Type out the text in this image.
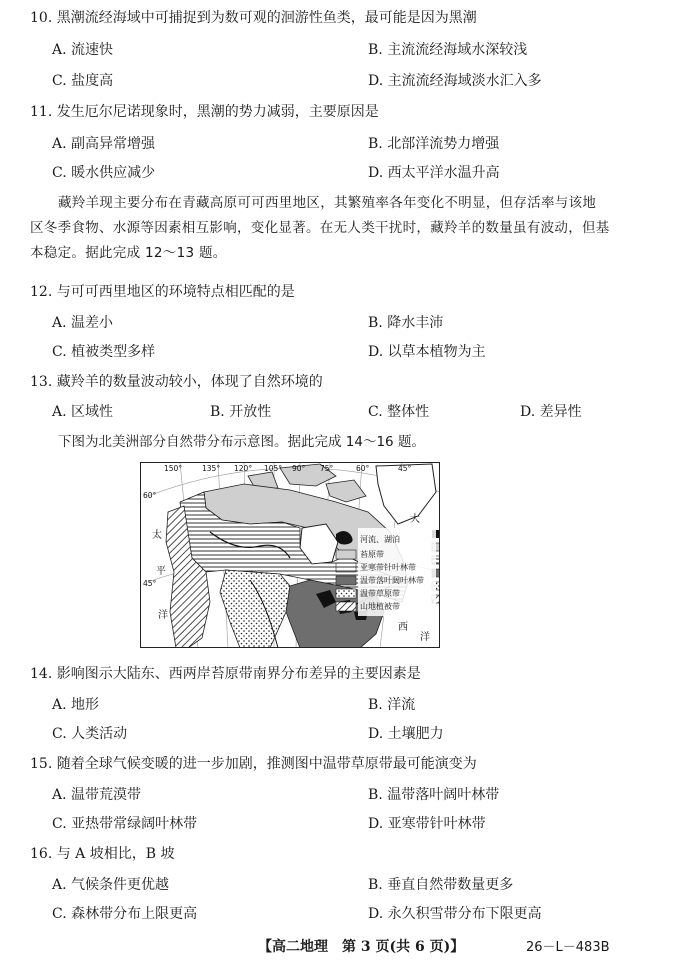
10. 黑潮流经海域中可捕捉到为数可观的洄游性鱼类，最可能是因为黑潮
A. 流速快	B. 主流流经海域水深较浅
C. 盐度高	D. 主流流经海域淡水汇入多
11. 发生厄尔尼诺现象时，黑潮的势力减弱，主要原因是
A. 副高异常增强	B. 北部洋流势力增强
C. 暖水供应减少	D. 西太平洋水温升高
藏羚羊现主要分布在青藏高原可可西里地区，其繁殖率各年变化不明显，但存活率与该地
区冬季食物、水源等因素相互影响，变化显著。在无人类干扰时，藏羚羊的数量虽有波动，但基
本稳定。据此完成 12～13 题。
12. 与可可西里地区的环境特点相匹配的是
A. 温差小	B. 降水丰沛
C. 植被类型多样	D. 以草本植物为主
13. 藏羚羊的数量波动较小，体现了自然环境的
A. 区域性	B. 开放性	C. 整体性	D. 差异性
下图为北美洲部分自然带分布示意图。据此完成 14～16 题。
河流、湖泊
苔原带
亚寒带针叶林带
温带落叶阔叶林带
温带草原带
山地植被带
150°	135° 120° 105° 90° 75°	60°	45°
60°
45°
太
平
洋
大
西
洋
14. 影响图示大陆东、西两岸苔原带南界分布差异的主要因素是
A. 地形	B. 洋流
C. 人类活动	D. 土壤肥力
15. 随着全球气候变暖的进一步加剧，推测图中温带草原带最可能演变为
A. 温带荒漠带	B. 温带落叶阔叶林带
C. 亚热带常绿阔叶林带	D. 亚寒带针叶林带
16. 与 A 坡相比，B 坡
A. 气候条件更优越	B. 垂直自然带数量更多
C. 森林带分布上限更高	D. 永久积雪带分布下限更高
【高二地理　第 3 页(共 6 页)】	26－L－483B
